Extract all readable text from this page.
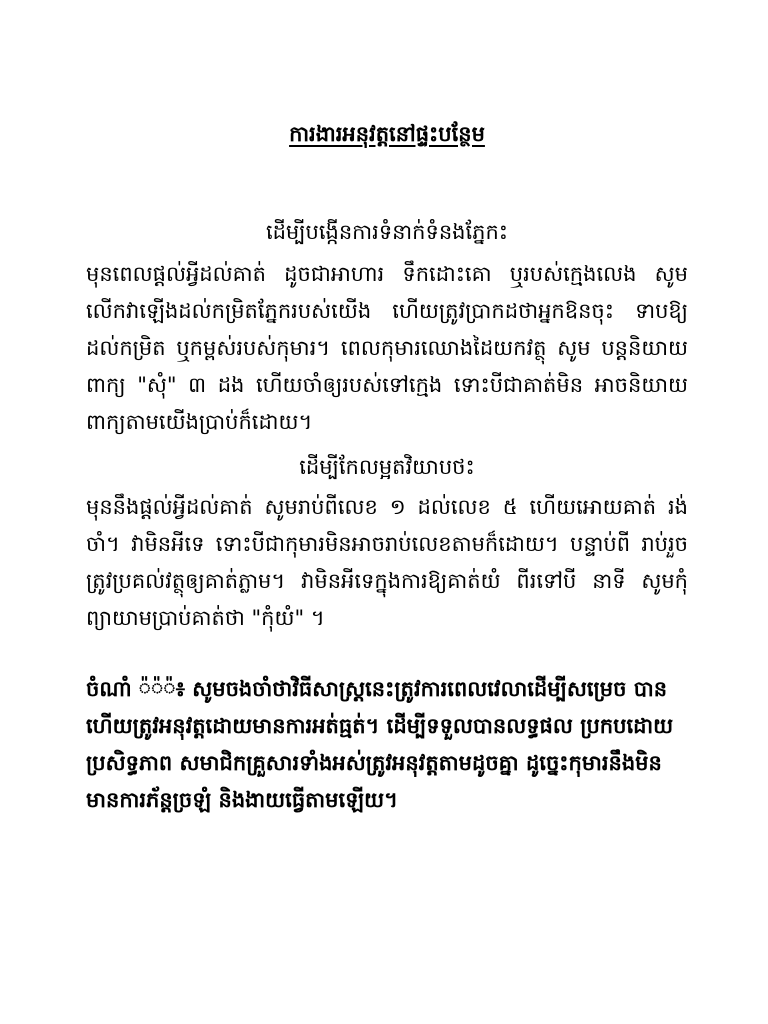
ការងារអនុវត្តនៅផ្ទះបន្ថែម
ដើម្បីបង្កើនការទំនាក់ទំនងភ្នែកះ

មុនពេលផ្តល់អ្វីដល់គាត់ ដូចជាអាហារ ទឹកដោះគោ ឬរបស់ក្មេងលេង សូមលើកវាឡើងដល់កម្រិតភ្នែករបស់យើង ហើយត្រូវប្រាកដថាអ្នកឱនចុះ ទាបឱ្យដល់កម្រិត ឬកម្ពស់របស់កុមារ។ ពេលកុមារឈោងដៃយកវត្ថុ សូម បន្តនិយាយពាក្យ "សុំ" ៣ ដង ហើយចាំឲ្យរបស់ទៅក្មេង ទោះបីជាគាត់មិន អាចនិយាយពាក្យតាមយើងប្រាប់ក៏ដោយ។

ដើម្បីកែលម្អតវិយាបថះ

មុននឹងផ្តល់អ្វីដល់គាត់ សូមរាប់ពីលេខ ១ ដល់លេខ ៥ ហើយអោយគាត់ រង់ចាំ។ វាមិនអីទេ ទោះបីជាកុមារមិនអាចរាប់លេខតាមក៏ដោយ។ បន្ទាប់ពី រាប់រួច ត្រូវប្រគល់វត្ថុឲ្យគាត់ភ្លាម។ វាមិនអីទេក្នុងការឱ្យគាត់យំ ពីរទៅបី នាទី សូមកុំព្យាយាមប្រាប់គាត់ថា "កុំយំ" ។

ចំណាំ ៉៉៉៖ សូមចងចាំថាវិធីសាស្ត្រនេះត្រូវការពេលវេលាដើម្បីសម្រេច បាន ហើយត្រូវអនុវត្តដោយមានការអត់ធ្មត់។ ដើម្បីទទួលបានលទ្ធផល ប្រកបដោយប្រសិទ្ធភាព សមាជិកគ្រួសារទាំងអស់ត្រូវអនុវត្តតាមដូចគ្នា ដូច្នេះកុមារនឹងមិនមានការភ័ន្តច្រឡំ និងងាយធ្វើតាមឡើយ។
